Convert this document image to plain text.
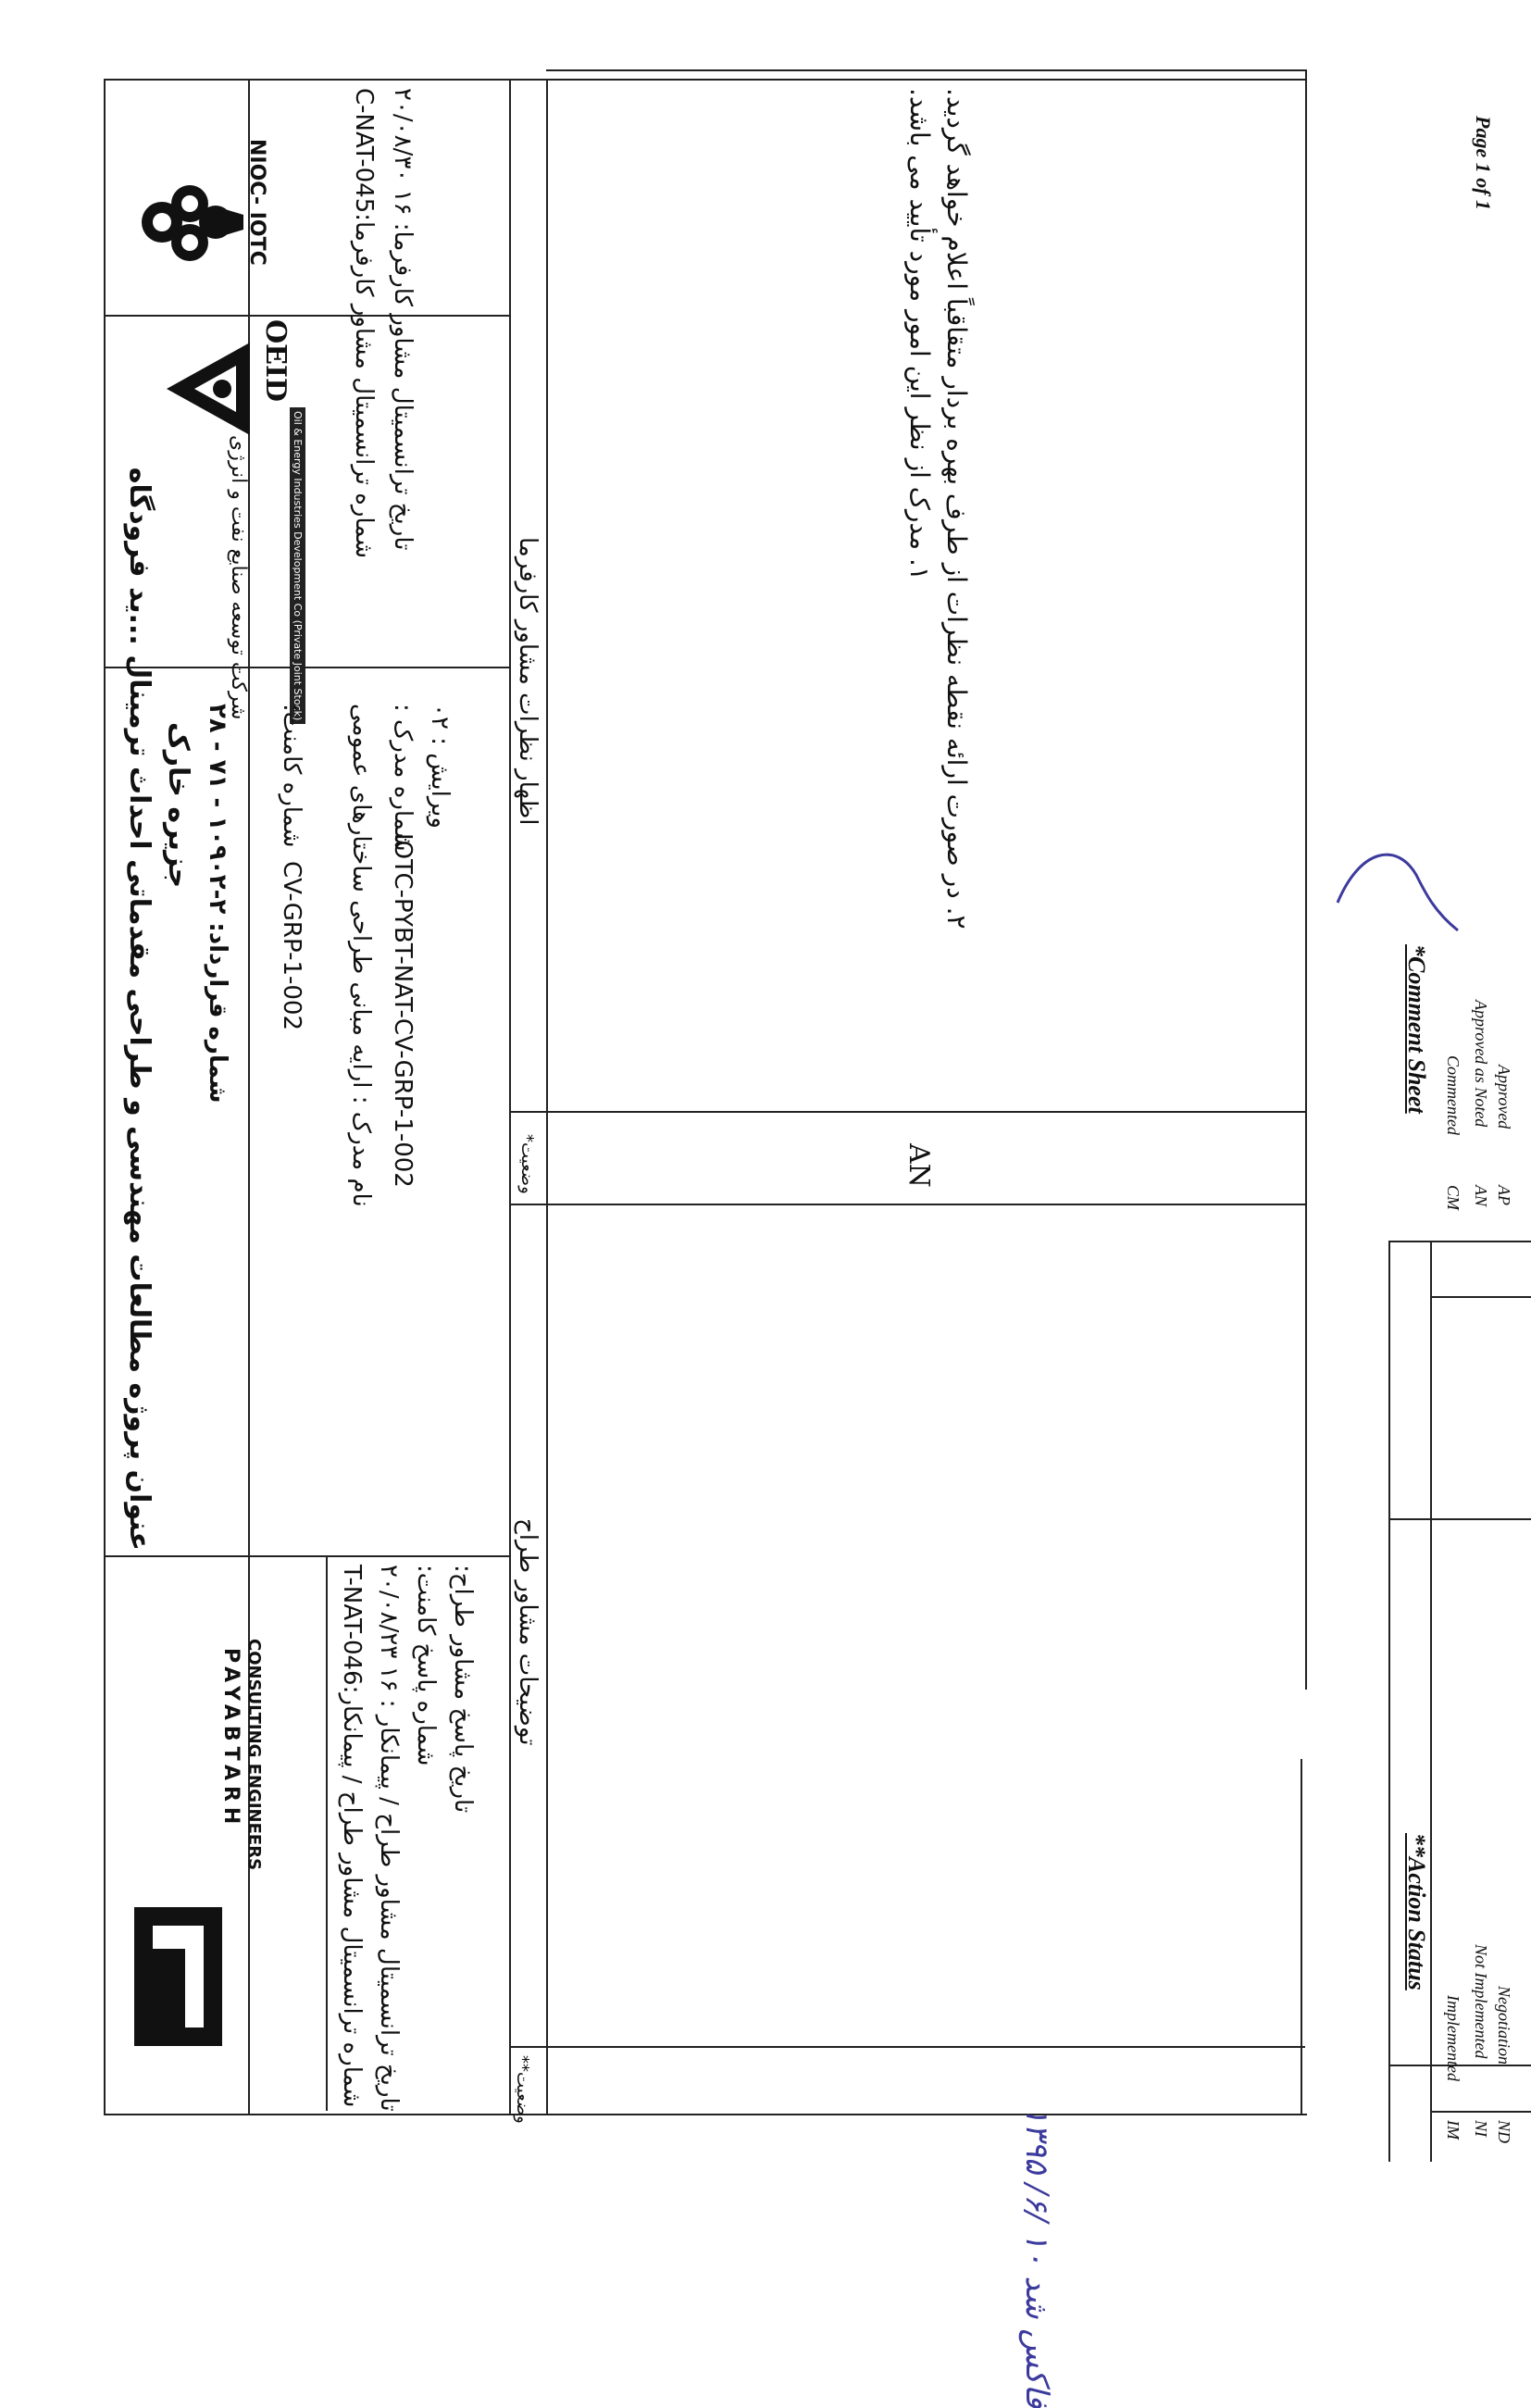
NIOC- IOTC
OEID
شرکت توسعه صنایع نفت و انرژی	Oil & Energy Industries Development Co (Private Joint Stock)
عنوان پروژه مطالعات مهندسی و طراحی مقدماتی احداث ترمینال ...ید فرودگاه جزیره خارک
شماره قرارداد: ۲-۱۰۹۰۲ - ۷۱ - ۲۸
شماره کامنت:
CV-GRP-1-002 نام مدرک : ارایه مبانی طراحی ساختارهای عمومی شماره مدرک :
IOTC-PYBT-NAT-CV-GRP-1-002
ویرایش : ۰۲
شماره ترانسمیتال مشاور کارفرما:C-NAT-045
تاریخ ترانسمیتال مشاور کارفرما: ۱۶ ۲۰/۰۸/۳۰
PAYABTARH CONSULTING ENGINEERS
شماره ترانسمیتال مشاور طراح / پیمانکار:T-NAT-046
تاریخ ترانسمیتال مشاور طراح / پیمانکار : ۱۶ ۲۰/۰۸/۲۳
شماره پاسخ کامنت: تاریخ پاسخ مشاور طراح:
اظهار نظرات مشاور کارفرما
وضعیت*
توضیحات مشاور طراح
وضعیت**
۱. مدرک از نظر این امور مورد تأیید می باشد. ۲. در صورت ارائه نقطه نظرات از طرف بهره بردار متقاقباً اعلام خواهد گردید.
AN
فاکس شد ۱۰ /۶/ ۱۳۹۵
*Comment Sheet
CM
Commented
AN
Approved as Noted
AP
Approved
**Action Status
IM
Implemented
NI
Not Implemented
ND
Negotiation
Page 1 of 1
